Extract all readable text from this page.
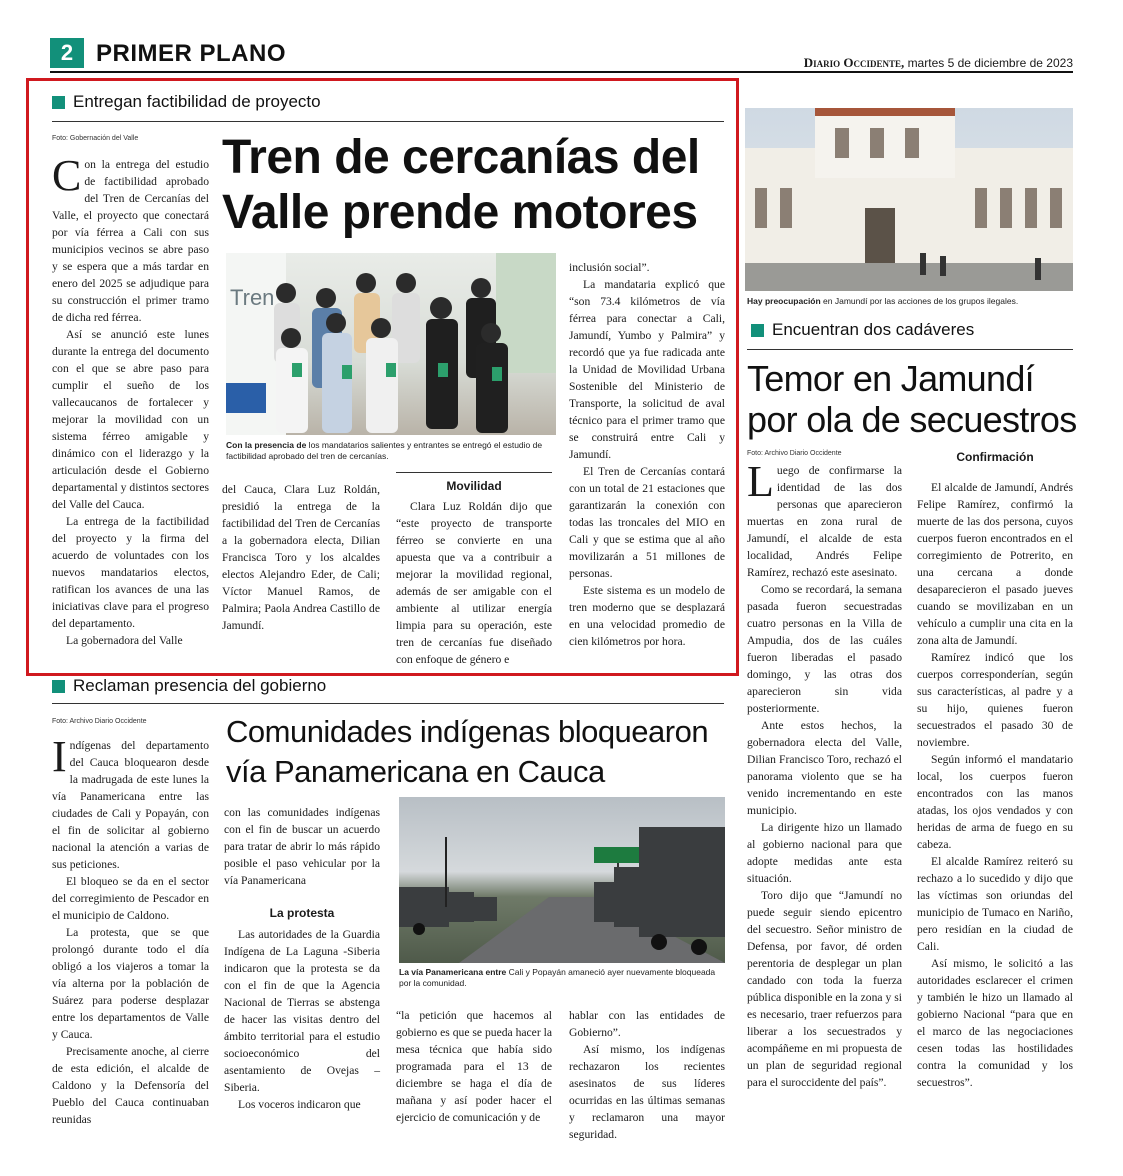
2 PRIMER PLANO	Diario Occidente, martes 5 de diciembre de 2023
Entregan factibilidad de proyecto
Foto: Gobernación del Valle Tren de cercanías del
Valle prende motores
C on la entrega del estudio de factibilidad aprobado del Tren de Cercanías del Valle, el proyecto que conectará por vía férrea a Cali con sus municipios vecinos se abre paso y se espera que a más tardar en enero del 2025 se adjudique para su construcción el primer tramo de dicha red férrea.

Así se anunció este lunes durante la entrega del documento con el que se abre paso para cumplir el sueño de los vallecaucanos de fortalecer y mejorar la movilidad con un sistema férreo amigable y dinámico con el liderazgo y la articulación desde el Gobierno departamental y distintos sectores del Valle del Cauca.

La entrega de la factibilidad del proyecto y la firma del acuerdo de voluntades con los nuevos mandatarios electos, ratifican los avances de una las iniciativas clave para el progreso del departamento.

La gobernadora del Valle

Tren
Con la presencia de los mandatarios salientes y entrantes se entregó el estudio de factibilidad aprobado del tren de cercanías.
del Cauca, Clara Luz Roldán, presidió la entrega de la factibilidad del Tren de Cercanías a la gobernadora electa, Dilian Francisca Toro y los alcaldes electos Alejandro Eder, de Cali; Víctor Manuel Ramos, de Palmira; Paola Andrea Castillo de Jamundí.
Movilidad

Clara Luz Roldán dijo que “este proyecto de transporte férreo se convierte en una apuesta que va a contribuir a mejorar la movilidad regional, además de ser amigable con el ambiente al utilizar energía limpia para su operación, este tren de cercanías fue diseñado con enfoque de género e

inclusión social”.

La mandataria explicó que “son 73.4 kilómetros de vía férrea para conectar a Cali, Jamundí, Yumbo y Palmira” y recordó que ya fue radicada ante la Unidad de Movilidad Urbana Sostenible del Ministerio de Transporte, la solicitud de aval técnico para el primer tramo que se construirá entre Cali y Jamundí.

El Tren de Cercanías contará con un total de 21 estaciones que garantizarán la conexión con todas las troncales del MIO en Cali y que se estima que al año movilizarán a 51 millones de personas.

Este sistema es un modelo de tren moderno que se desplazará en una velocidad promedio de cien kilómetros por hora.

Hay preocupación en Jamundí por las acciones de los grupos ilegales.
Encuentran dos cadáveres
Temor en Jamundí
por ola de secuestros
Foto: Archivo Diario Occidente
L uego de confirmarse la identidad de las dos personas que aparecieron muertas en zona rural de Jamundí, el alcalde de esta localidad, Andrés Felipe Ramírez, rechazó este asesinato.

Como se recordará, la semana pasada fueron secuestradas cuatro personas en la Villa de Ampudia, dos de las cuáles fueron liberadas el pasado domingo, y las otras dos aparecieron sin vida posteriormente.

Ante estos hechos, la gobernadora electa del Valle, Dilian Francisco Toro, rechazó el panorama violento que se ha venido incrementando en este municipio.

La dirigente hizo un llamado al gobierno nacional para que adopte medidas ante esta situación.

Toro dijo que “Jamundí no puede seguir siendo epicentro del secuestro. Señor ministro de Defensa, por favor, dé orden perentoria de desplegar un plan candado con toda la fuerza pública disponible en la zona y si es necesario, traer refuerzos para liberar a los secuestrados y acompáñeme en mi propuesta de un plan de seguridad regional para el suroccidente del país”.

Confirmación

El alcalde de Jamundí, Andrés Felipe Ramírez, confirmó la muerte de las dos persona, cuyos cuerpos fueron encontrados en el corregimiento de Potrerito, en una cercana a donde desaparecieron el pasado jueves cuando se movilizaban en un vehículo a cumplir una cita en la zona alta de Jamundí.

Ramírez indicó que los cuerpos corresponderían, según sus características, al padre y a su hijo, quienes fueron secuestrados el pasado 30 de noviembre.

Según informó el mandatario local, los cuerpos fueron encontrados con las manos atadas, los ojos vendados y con heridas de arma de fuego en su cabeza.

El alcalde Ramírez reiteró su rechazo a lo sucedido y dijo que las víctimas son oriundas del municipio de Tumaco en Nariño, pero residían en la ciudad de Cali.

Así mismo, le solicitó a las autoridades esclarecer el crimen y también le hizo un llamado al gobierno Nacional “para que en el marco de las negociaciones cesen todas las hostilidades contra la comunidad y los secuestros”.

Reclaman presencia del gobierno
Foto: Archivo Diario Occidente	Comunidades indígenas bloquearon
vía Panamericana en Cauca
I ndígenas del departamento del Cauca bloquearon desde la madrugada de este lunes la vía Panamericana entre las ciudades de Cali y Popayán, con el fin de solicitar al gobierno nacional la atención a varias de sus peticiones.

El bloqueo se da en el sector del corregimiento de Pescador en el municipio de Caldono.

La protesta, que se que prolongó durante todo el día obligó a los viajeros a tomar la vía alterna por la población de Suárez para poderse desplazar entre los departamentos de Valle y Cauca.

Precisamente anoche, al cierre de esta edición, el alcalde de Caldono y la Defensoría del Pueblo del Cauca continuaban reunidas

con las comunidades indígenas con el fin de buscar un acuerdo para tratar de abrir lo más rápido posible el paso vehicular por la vía Panamericana
La protesta

Las autoridades de la Guardia Indígena de La Laguna -Siberia indicaron que la protesta se da con el fin de que la Agencia Nacional de Tierras se abstenga de hacer las visitas dentro del ámbito territorial para el estudio socioeconómico del asentamiento de Ovejas – Siberia.

Los voceros indicaron que

La vía Panamericana entre Cali y Popayán amaneció ayer nuevamente bloqueada por la comunidad.
“la petición que hacemos al gobierno es que se pueda hacer la mesa técnica que había sido programada para el 13 de diciembre se haga el día de mañana y así poder hacer el ejercicio de comunicación y de
hablar con las entidades de Gobierno”.

Así mismo, los indígenas rechazaron los recientes asesinatos de sus líderes ocurridas en las últimas semanas y reclamaron una mayor seguridad.
